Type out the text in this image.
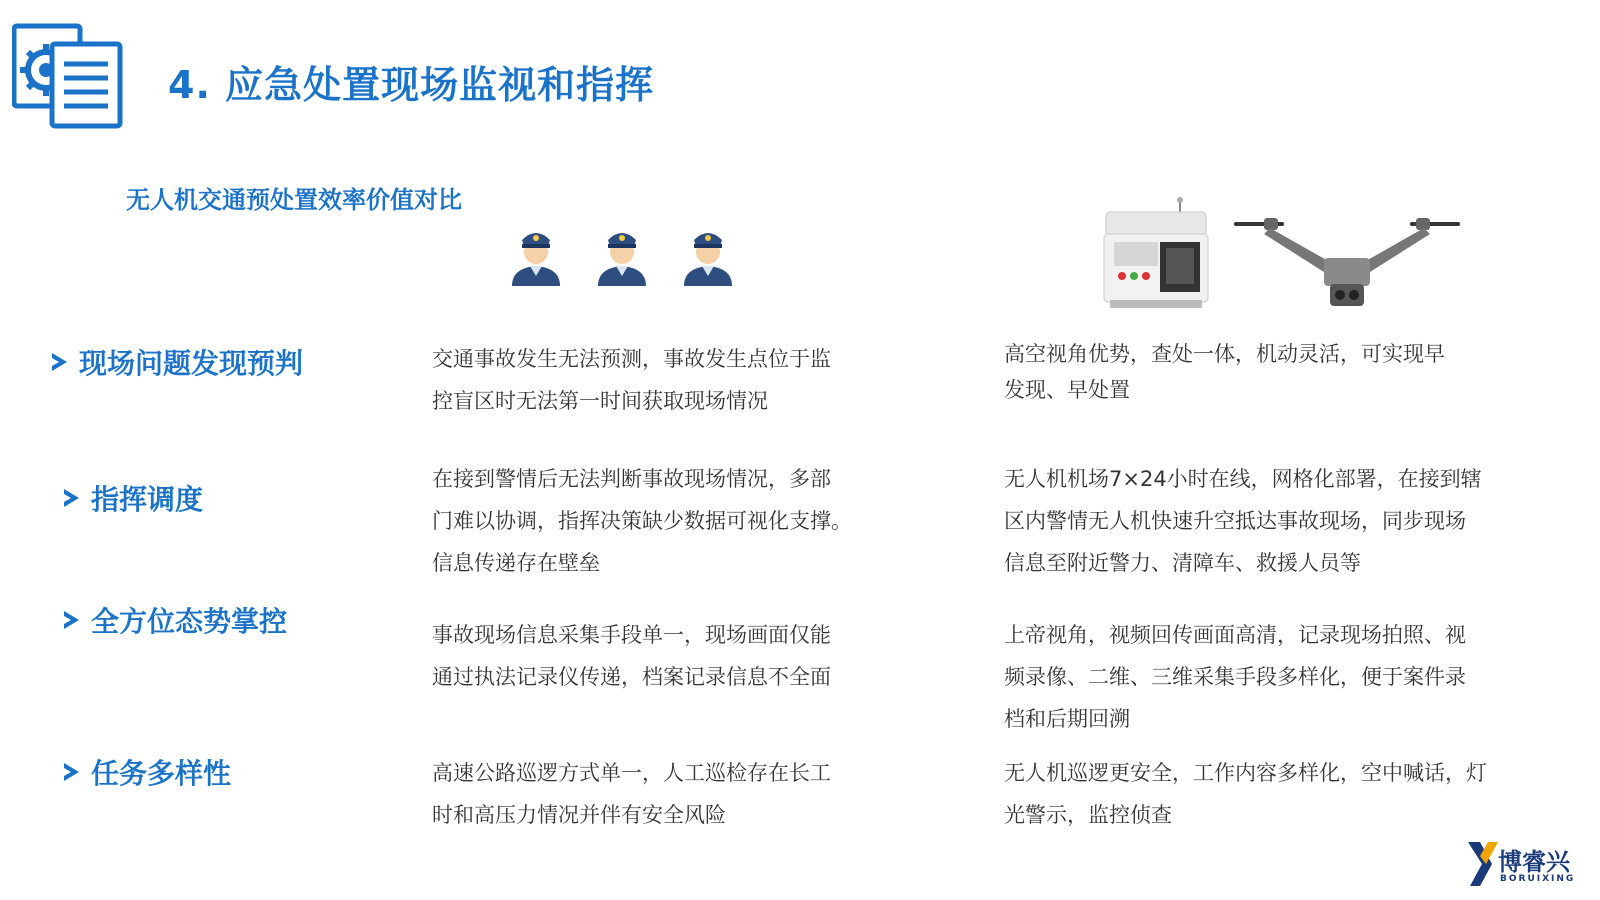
4. 应急处置现场监视和指挥
无人机交通预处置效率价值对比
现场问题发现预判
指挥调度
全方位态势掌控
任务多样性
交通事故发生无法预测，事故发生点位于监
控盲区时无法第一时间获取现场情况
在接到警情后无法判断事故现场情况，多部
门难以协调，指挥决策缺少数据可视化支撑。
信息传递存在壁垒
事故现场信息采集手段单一，现场画面仅能
通过执法记录仪传递，档案记录信息不全面
高速公路巡逻方式单一，人工巡检存在长工
时和高压力情况并伴有安全风险
高空视角优势，查处一体，机动灵活，可实现早
发现、早处置
无人机机场7×24小时在线，网格化部署，在接到辖
区内警情无人机快速升空抵达事故现场，同步现场
信息至附近警力、清障车、救援人员等
上帝视角，视频回传画面高清，记录现场拍照、视
频录像、二维、三维采集手段多样化，便于案件录
档和后期回溯
无人机巡逻更安全，工作内容多样化，空中喊话，灯
光警示，监控侦查
博睿兴
BORUIXING
